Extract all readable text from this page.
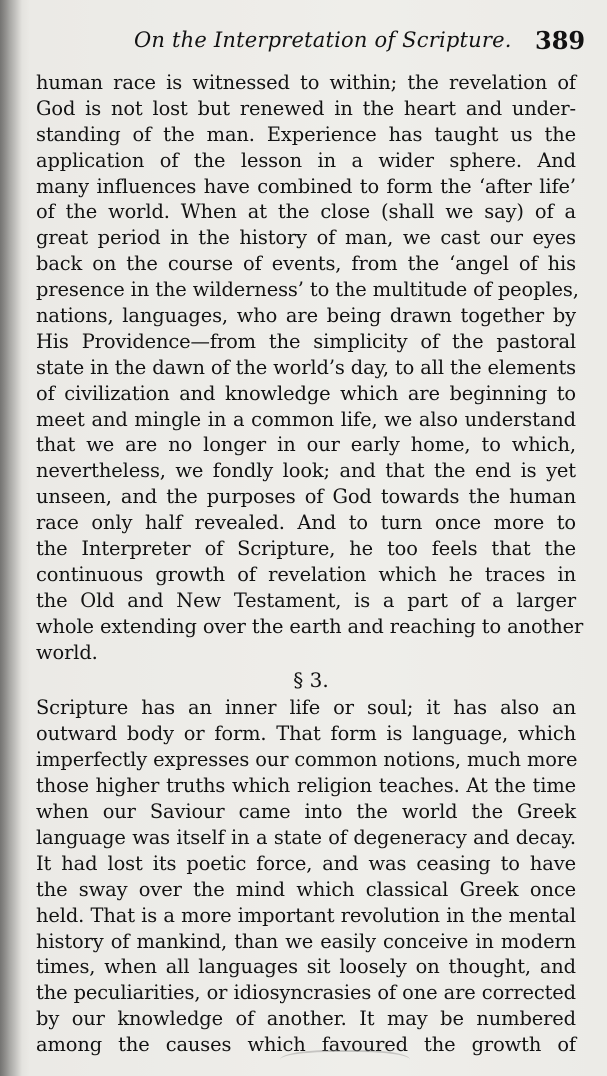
On the Interpretation of Scripture. 389
human race is witnessed to within; the revelation of
God is not lost but renewed in the heart and under-
standing of the man. Experience has taught us the
application of the lesson in a wider sphere. And
many influences have combined to form the ‘after life’
of the world. When at the close (shall we say) of a
great period in the history of man, we cast our eyes
back on the course of events, from the ‘angel of his
presence in the wilderness’ to the multitude of peoples,
nations, languages, who are being drawn together by
His Providence—from the simplicity of the pastoral
state in the dawn of the world’s day, to all the elements
of civilization and knowledge which are beginning to
meet and mingle in a common life, we also understand
that we are no longer in our early home, to which,
nevertheless, we fondly look; and that the end is yet
unseen, and the purposes of God towards the human
race only half revealed. And to turn once more to
the Interpreter of Scripture, he too feels that the
continuous growth of revelation which he traces in
the Old and New Testament, is a part of a larger
whole extending over the earth and reaching to another
world.
§ 3.
Scripture has an inner life or soul; it has also an
outward body or form. That form is language, which
imperfectly expresses our common notions, much more
those higher truths which religion teaches. At the time
when our Saviour came into the world the Greek
language was itself in a state of degeneracy and decay.
It had lost its poetic force, and was ceasing to have
the sway over the mind which classical Greek once
held. That is a more important revolution in the mental
history of mankind, than we easily conceive in modern
times, when all languages sit loosely on thought, and
the peculiarities, or idiosyncrasies of one are corrected
by our knowledge of another. It may be numbered
among the causes which favoured the growth of
